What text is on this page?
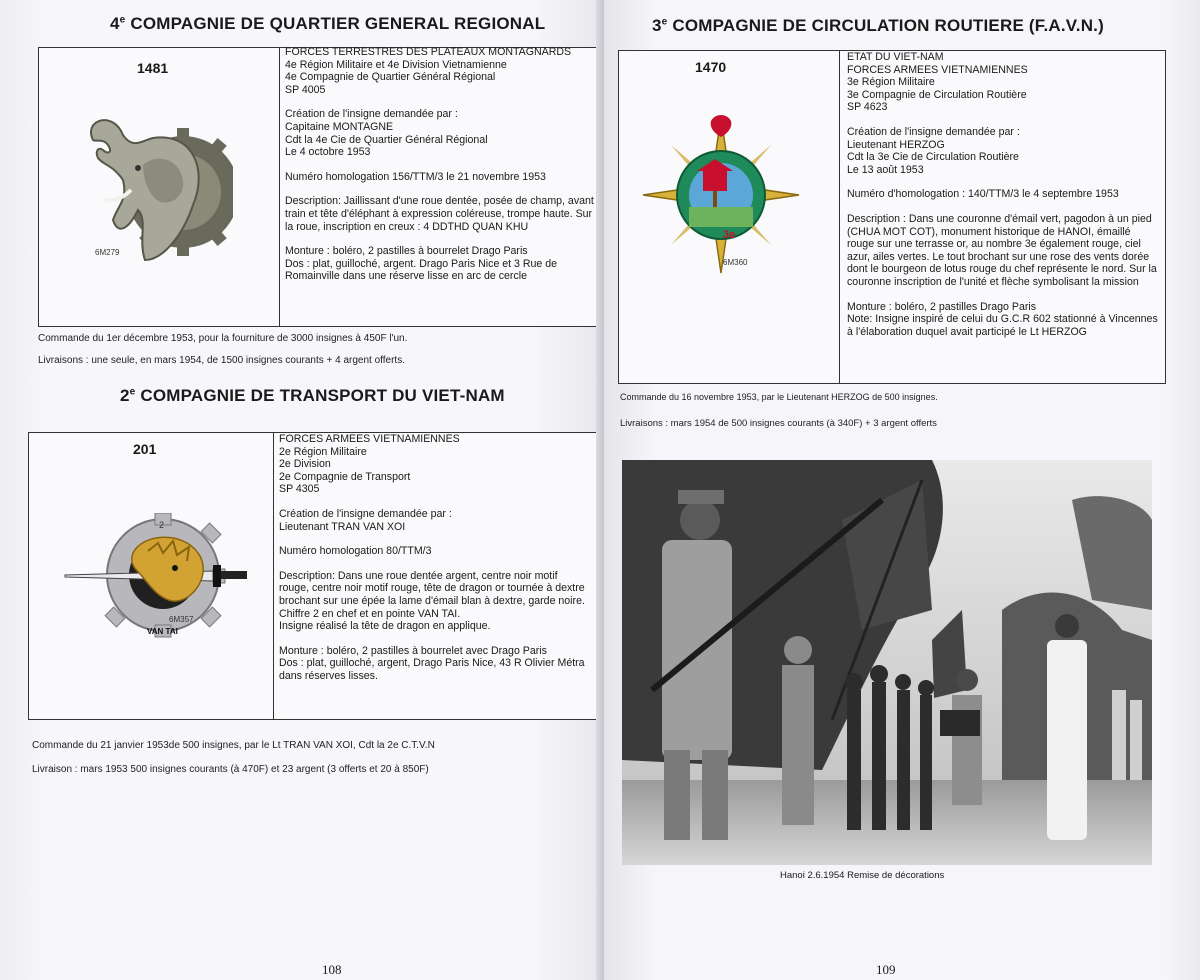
4e COMPAGNIE DE QUARTIER GENERAL REGIONAL
1481
6M279
FORCES TERRESTRES DES PLATEAUX MONTAGNARDS
4e Région Militaire et 4e Division Vietnamienne
4e Compagnie de Quartier Général Régional
SP 4005
Création de l'insigne demandée par :
Capitaine MONTAGNE
Cdt la 4e Cie de Quartier Général Régional
Le 4 octobre 1953
Numéro homologation 156/TTM/3 le 21 novembre 1953
Description: Jaillissant d'une roue dentée, posée de champ, avant
train et tête d'éléphant à expression coléreuse, trompe haute. Sur
la roue, inscription en creux : 4 DDTHD QUAN KHU
Monture : boléro, 2 pastilles à bourrelet Drago Paris
Dos : plat, guilloché, argent. Drago Paris Nice et 3 Rue de
Romainville dans une réserve lisse en arc de cercle
Commande du 1er décembre 1953, pour la fourniture de 3000 insignes à 450F l'un.
Livraisons : une seule, en mars 1954, de 1500 insignes courants + 4 argent offerts.
2e COMPAGNIE DE TRANSPORT DU VIET-NAM
201
2
VAN TAI
6M357
FORCES ARMEES VIETNAMIENNES
2e Région Militaire
2e Division
2e Compagnie de Transport
SP 4305
Création de l'insigne demandée par :
Lieutenant TRAN VAN XOI
Numéro homologation 80/TTM/3
Description: Dans une roue dentée argent, centre noir motif
rouge, centre noir motif rouge, tête de dragon or tournée à dextre
brochant sur une épée la lame d'émail blan à dextre, garde noire.
Chiffre 2 en chef et en pointe VAN TAI.
Insigne réalisé la tête de dragon en applique.
Monture : boléro, 2 pastilles à bourrelet avec Drago Paris
Dos : plat, guilloché, argent, Drago Paris Nice, 43 R Olivier Métra
dans réserves lisses.
Commande du 21 janvier 1953de 500 insignes, par le Lt TRAN VAN XOI, Cdt la 2e C.T.V.N
Livraison : mars 1953 500 insignes courants (à 470F) et 23 argent (3 offerts et 20 à 850F)
108
3e COMPAGNIE DE CIRCULATION ROUTIERE (F.A.V.N.)
1470
3e
6M360
ETAT DU VIET-NAM
FORCES ARMEES VIETNAMIENNES
3e Région Militaire
3e Compagnie de Circulation Routière
SP 4623
Création de l'insigne demandée par :
Lieutenant HERZOG
Cdt la 3e Cie de Circulation Routière
Le 13 août 1953
Numéro d'homologation : 140/TTM/3 le 4 septembre 1953
Description : Dans une couronne d'émail vert, pagodon à un pied
(CHUA MOT COT), monument historique de HANOI, émaillé
rouge sur une terrasse or, au nombre 3e également rouge, ciel
azur, ailes vertes. Le tout brochant sur une rose des vents dorée
dont le bourgeon de lotus rouge du chef représente le nord. Sur la
couronne inscription de l'unité et flèche symbolisant la mission
Monture : boléro, 2 pastilles Drago Paris
Note: Insigne inspiré de celui du G.C.R 602 stationné à Vincennes
à l'élaboration duquel avait participé le Lt HERZOG
Commande du 16 novembre 1953, par le Lieutenant HERZOG de 500 insignes.
Livraisons : mars 1954 de 500 insignes courants (à 340F) + 3 argent offerts
Hanoi 2.6.1954 Remise de décorations
109
